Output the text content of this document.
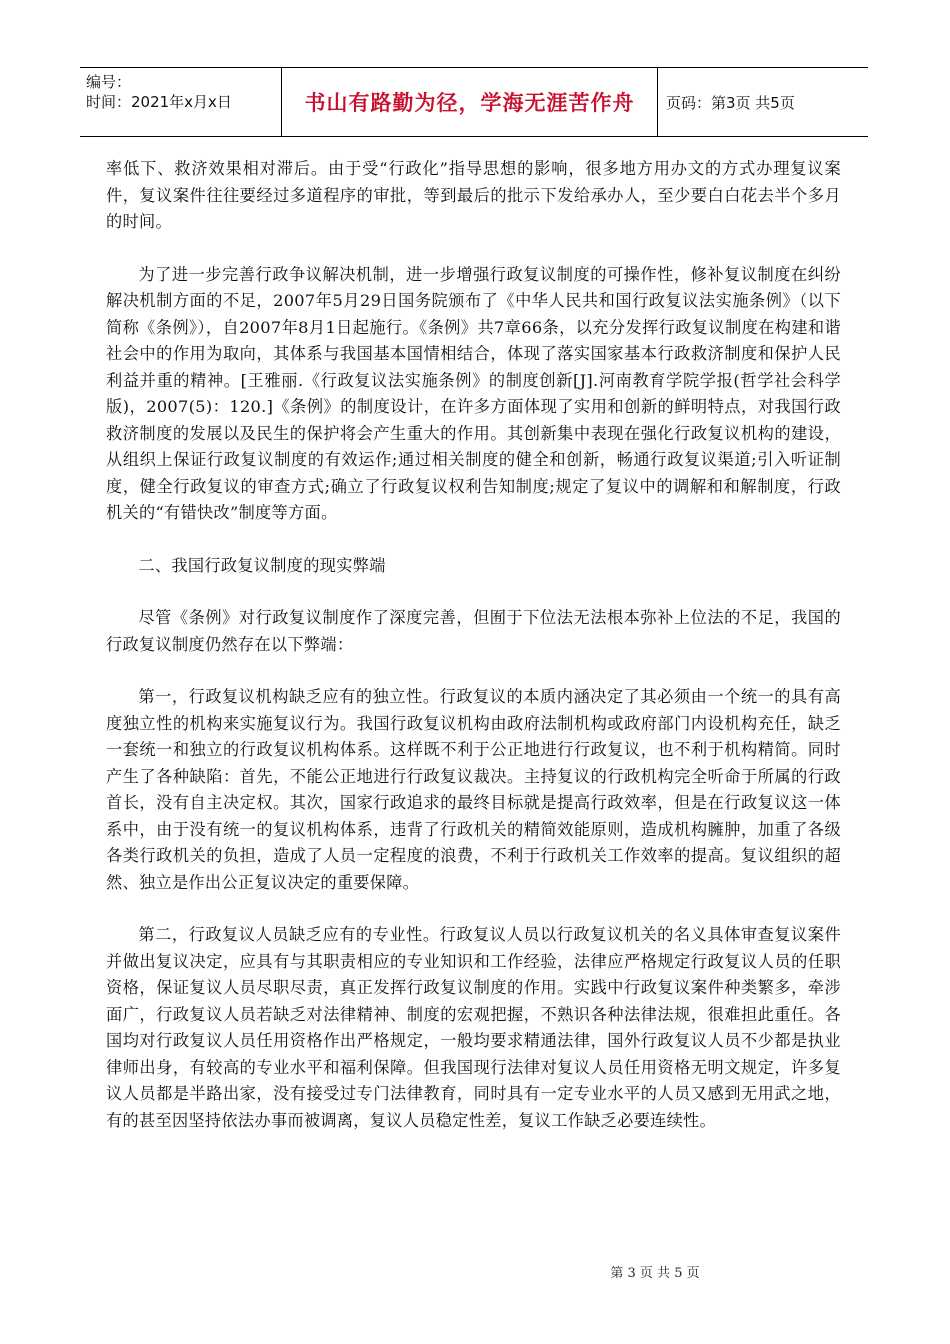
编号：
时间：2021年x月x日	书山有路勤为径，学海无涯苦作舟	页码：第3页 共5页

率低下、救济效果相对滞后。由于受“行政化”指导思想的影响，很多地方用办文的方式办理复议案件，复议案件往往要经过多道程序的审批，等到最后的批示下发给承办人，至少要白白花去半个多月的时间。

为了进一步完善行政争议解决机制，进一步增强行政复议制度的可操作性，修补复议制度在纠纷解决机制方面的不足，2007年5月29日国务院颁布了《中华人民共和国行政复议法实施条例》（以下简称《条例》），自2007年8月1日起施行。《条例》共7章66条，以充分发挥行政复议制度在构建和谐社会中的作用为取向，其体系与我国基本国情相结合，体现了落实国家基本行政救济制度和保护人民利益并重的精神。[王雅丽.《行政复议法实施条例》的制度创新[J].河南教育学院学报(哲学社会科学版)，2007(5)：120.]《条例》的制度设计，在许多方面体现了实用和创新的鲜明特点，对我国行政救济制度的发展以及民生的保护将会产生重大的作用。其创新集中表现在强化行政复议机构的建设，从组织上保证行政复议制度的有效运作;通过相关制度的健全和创新，畅通行政复议渠道;引入听证制度，健全行政复议的审查方式;确立了行政复议权利告知制度;规定了复议中的调解和和解制度，行政机关的“有错快改”制度等方面。

二、我国行政复议制度的现实弊端

尽管《条例》对行政复议制度作了深度完善，但囿于下位法无法根本弥补上位法的不足，我国的行政复议制度仍然存在以下弊端：

第一，行政复议机构缺乏应有的独立性。行政复议的本质内涵决定了其必须由一个统一的具有高度独立性的机构来实施复议行为。我国行政复议机构由政府法制机构或政府部门内设机构充任，缺乏一套统一和独立的行政复议机构体系。这样既不利于公正地进行行政复议，也不利于机构精简。同时产生了各种缺陷：首先，不能公正地进行行政复议裁决。主持复议的行政机构完全听命于所属的行政首长，没有自主决定权。其次，国家行政追求的最终目标就是提高行政效率，但是在行政复议这一体系中，由于没有统一的复议机构体系，违背了行政机关的精简效能原则，造成机构臃肿，加重了各级各类行政机关的负担，造成了人员一定程度的浪费，不利于行政机关工作效率的提高。复议组织的超然、独立是作出公正复议决定的重要保障。

第二，行政复议人员缺乏应有的专业性。行政复议人员以行政复议机关的名义具体审查复议案件并做出复议决定，应具有与其职责相应的专业知识和工作经验，法律应严格规定行政复议人员的任职资格，保证复议人员尽职尽责，真正发挥行政复议制度的作用。实践中行政复议案件种类繁多，牵涉面广，行政复议人员若缺乏对法律精神、制度的宏观把握，不熟识各种法律法规，很难担此重任。各国均对行政复议人员任用资格作出严格规定，一般均要求精通法律，国外行政复议人员不少都是执业律师出身，有较高的专业水平和福利保障。但我国现行法律对复议人员任用资格无明文规定，许多复议人员都是半路出家，没有接受过专门法律教育，同时具有一定专业水平的人员又感到无用武之地，有的甚至因坚持依法办事而被调离，复议人员稳定性差，复议工作缺乏必要连续性。

第 3 页 共 5 页
